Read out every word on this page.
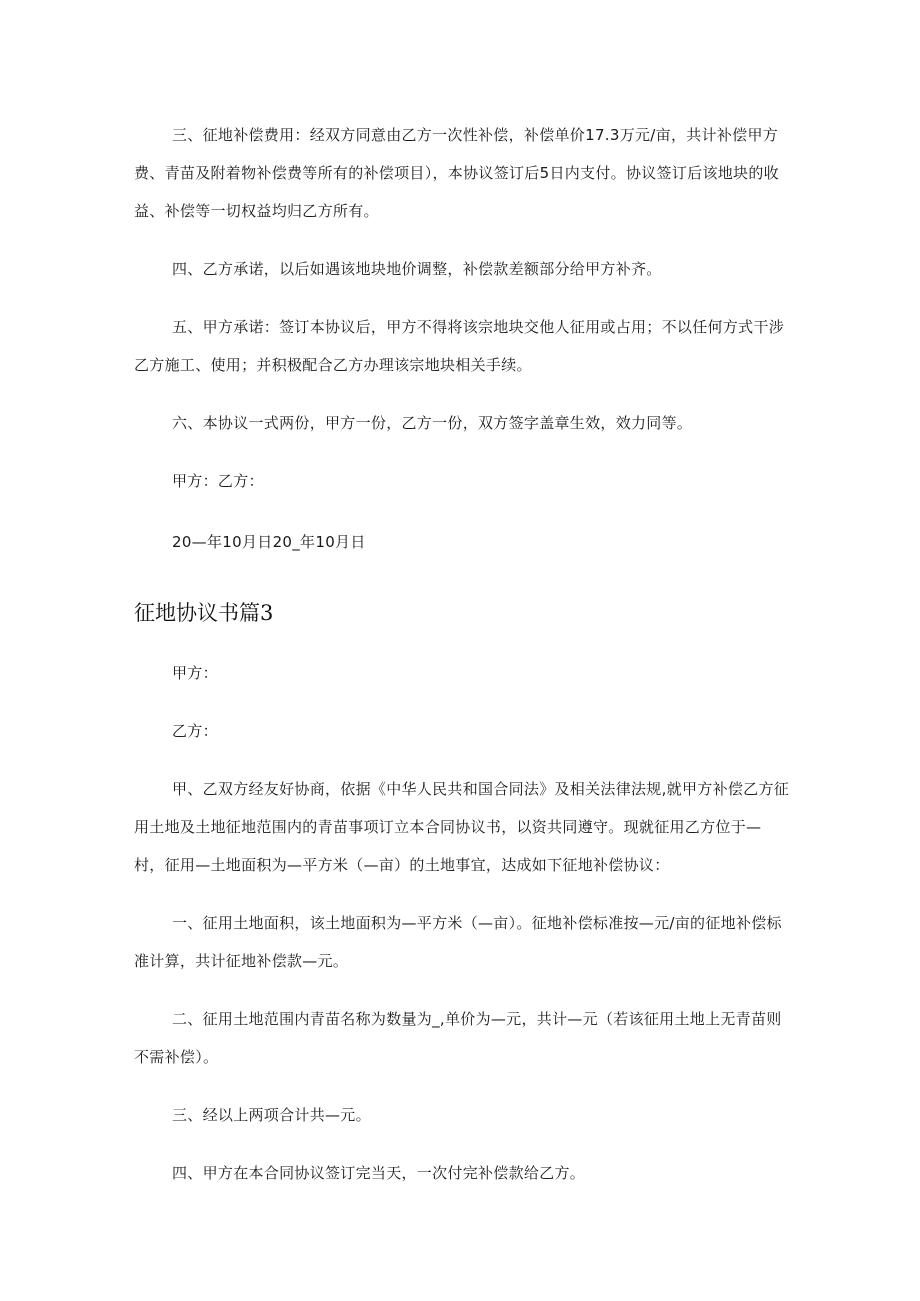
三、征地补偿费用：经双方同意由乙方一次性补偿，补偿单价17.3万元/亩，共计补偿甲方费、青苗及附着物补偿费等所有的补偿项目），本协议签订后5日内支付。协议签订后该地块的收益、补偿等一切权益均归乙方所有。

四、乙方承诺，以后如遇该地块地价调整，补偿款差额部分给甲方补齐。

五、甲方承诺：签订本协议后，甲方不得将该宗地块交他人征用或占用；不以任何方式干涉乙方施工、使用；并积极配合乙方办理该宗地块相关手续。

六、本协议一式两份，甲方一份，乙方一份，双方签字盖章生效，效力同等。

甲方：乙方：

20—年10月日20_年10月日

征地协议书篇3

甲方：

乙方：

甲、乙双方经友好协商，依据《中华人民共和国合同法》及相关法律法规,就甲方补偿乙方征用土地及土地征地范围内的青苗事项订立本合同协议书，以资共同遵守。现就征用乙方位于—村，征用—土地面积为—平方米（—亩）的土地事宜，达成如下征地补偿协议：

一、征用土地面积，该土地面积为—平方米（—亩）。征地补偿标准按—元/亩的征地补偿标准计算，共计征地补偿款—元。

二、征用土地范围内青苗名称为数量为_,单价为—元，共计—元（若该征用土地上无青苗则不需补偿）。

三、经以上两项合计共—元。

四、甲方在本合同协议签订完当天，一次付完补偿款给乙方。
